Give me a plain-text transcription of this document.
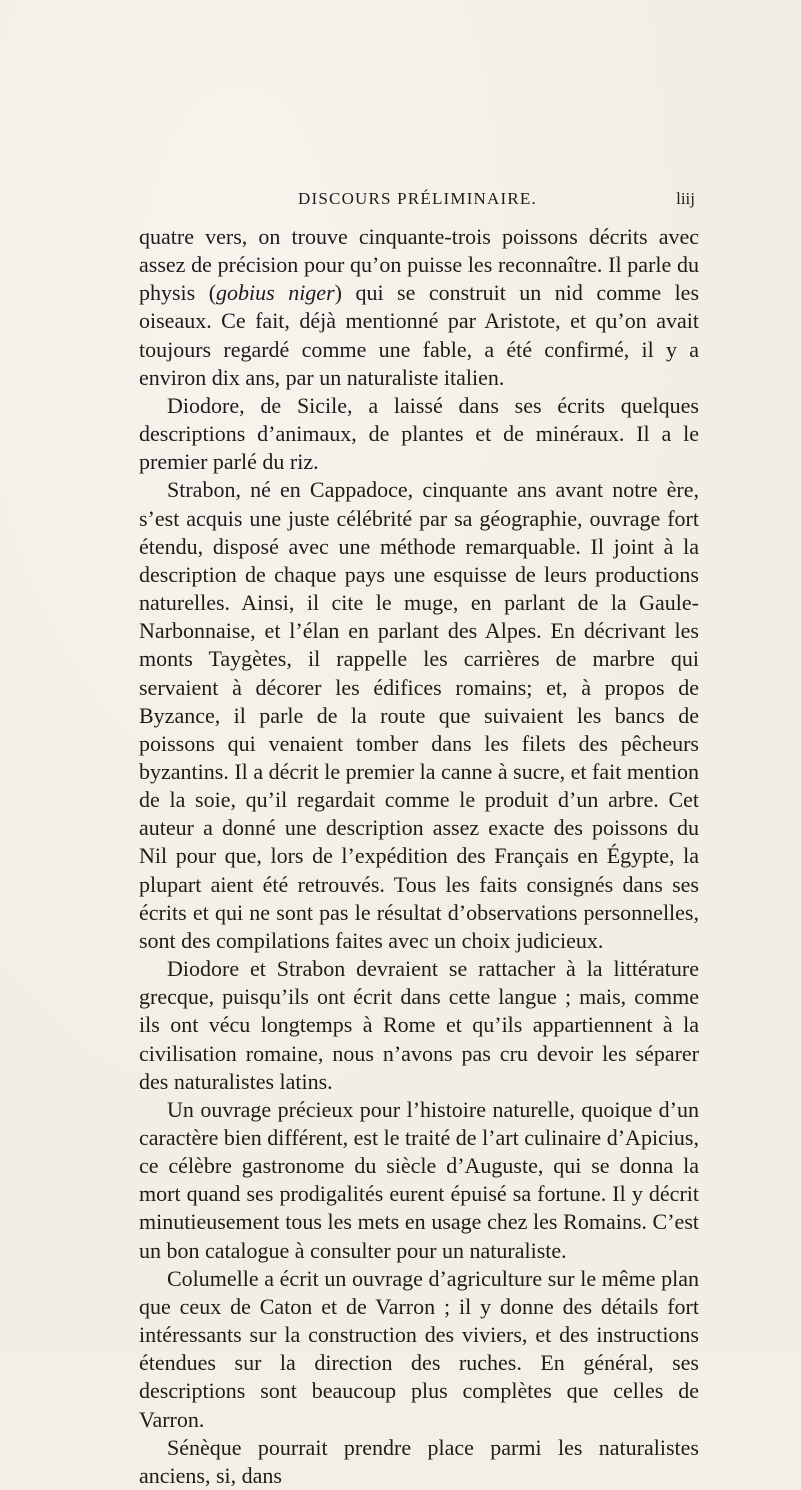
DISCOURS PRÉLIMINAIRE.	liij

quatre vers, on trouve cinquante-trois poissons décrits avec assez de précision pour qu’on puisse les reconnaître. Il parle du physis (gobius niger) qui se construit un nid comme les oiseaux. Ce fait, déjà mentionné par Aristote, et qu’on avait toujours regardé comme une fable, a été confirmé, il y a environ dix ans, par un naturaliste italien.

Diodore, de Sicile, a laissé dans ses écrits quelques descriptions d’animaux, de plantes et de minéraux. Il a le premier parlé du riz.

Strabon, né en Cappadoce, cinquante ans avant notre ère, s’est acquis une juste célébrité par sa géographie, ouvrage fort étendu, disposé avec une méthode remarquable. Il joint à la description de chaque pays une esquisse de leurs productions naturelles. Ainsi, il cite le muge, en parlant de la Gaule-Narbonnaise, et l’élan en parlant des Alpes. En décrivant les monts Taygètes, il rappelle les carrières de marbre qui servaient à décorer les édifices romains; et, à propos de Byzance, il parle de la route que suivaient les bancs de poissons qui venaient tomber dans les filets des pêcheurs byzantins. Il a décrit le premier la canne à sucre, et fait mention de la soie, qu’il regardait comme le produit d’un arbre. Cet auteur a donné une description assez exacte des poissons du Nil pour que, lors de l’expédition des Français en Égypte, la plupart aient été retrouvés. Tous les faits consignés dans ses écrits et qui ne sont pas le résultat d’observations personnelles, sont des compilations faites avec un choix judicieux.

Diodore et Strabon devraient se rattacher à la littérature grecque, puisqu’ils ont écrit dans cette langue ; mais, comme ils ont vécu longtemps à Rome et qu’ils appartiennent à la civilisation romaine, nous n’avons pas cru devoir les séparer des naturalistes latins.

Un ouvrage précieux pour l’histoire naturelle, quoique d’un caractère bien différent, est le traité de l’art culinaire d’Apicius, ce célèbre gastronome du siècle d’Auguste, qui se donna la mort quand ses prodigalités eurent épuisé sa fortune. Il y décrit minutieusement tous les mets en usage chez les Romains. C’est un bon catalogue à consulter pour un naturaliste.

Columelle a écrit un ouvrage d’agriculture sur le même plan que ceux de Caton et de Varron ; il y donne des détails fort intéressants sur la construction des viviers, et des instructions étendues sur la direction des ruches. En général, ses descriptions sont beaucoup plus complètes que celles de Varron.

Sénèque pourrait prendre place parmi les naturalistes anciens, si, dans
